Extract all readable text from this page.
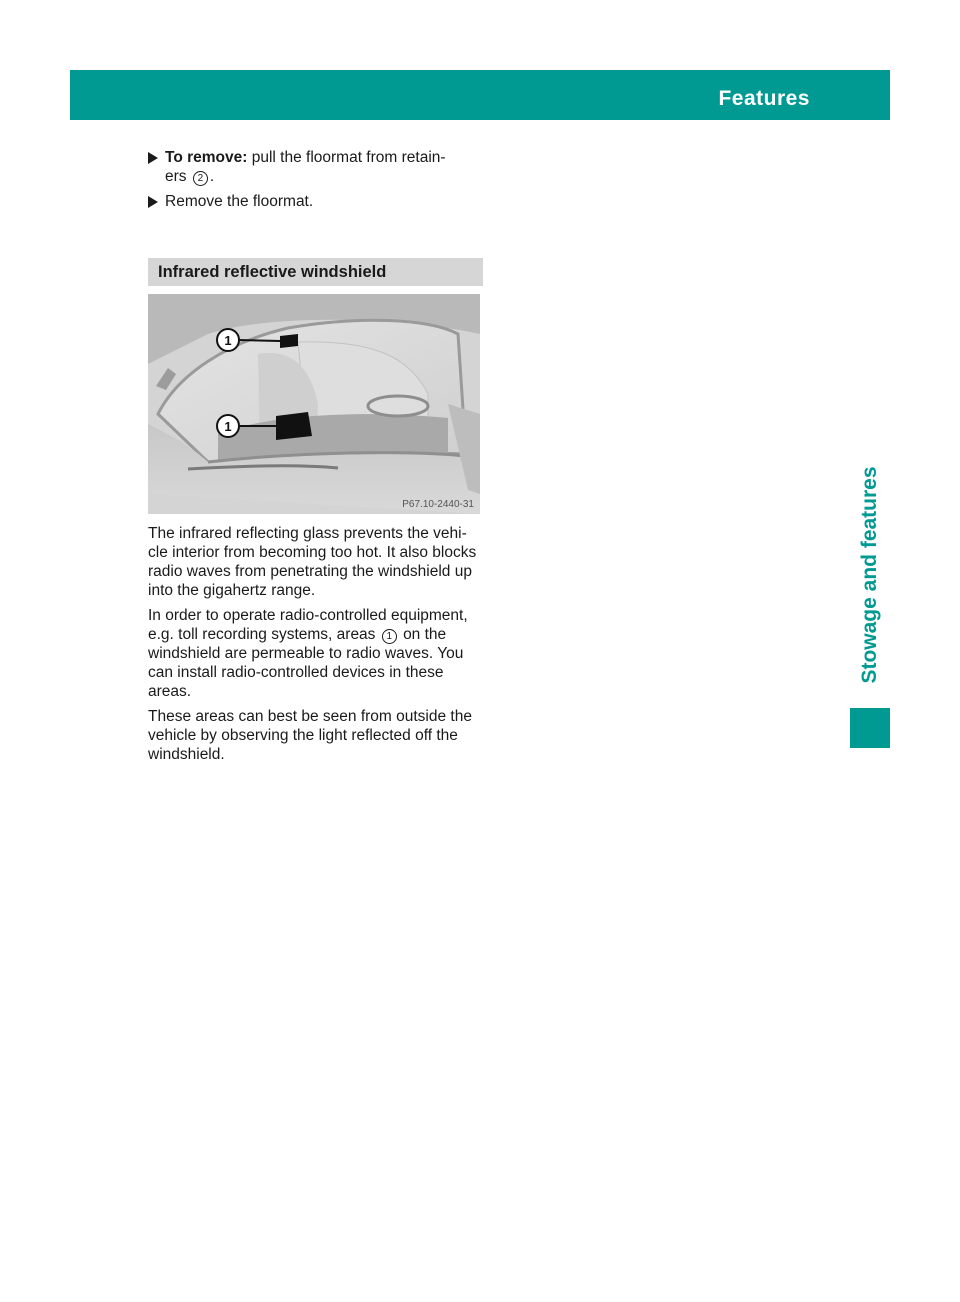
Features	311
Stowage and features
To remove: pull the floormat from retain-
ers 2 .
Remove the floormat.
Infrared reflective windshield
1
1
P67.10-2440-31
The infrared reflecting glass prevents the vehi-
cle interior from becoming too hot. It also blocks
radio waves from penetrating the windshield up
into the gigahertz range.
In order to operate radio-controlled equipment,
e.g. toll recording systems, areas 1 on the
windshield are permeable to radio waves. You
can install radio-controlled devices in these
areas.
These areas can best be seen from outside the
vehicle by observing the light reflected off the
windshield.
